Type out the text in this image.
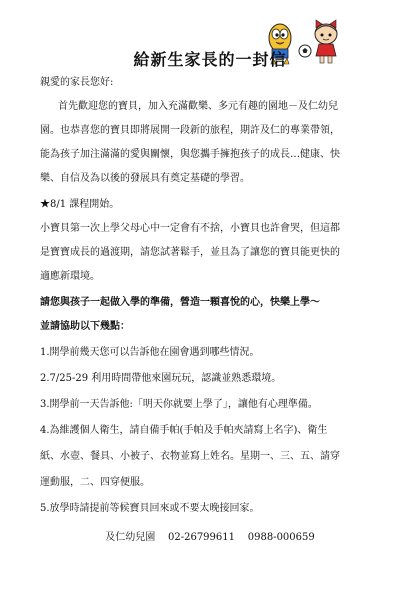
給新生家長的一封信
親愛的家長您好:
首先歡迎您的寶貝，加入充滿歡樂、多元有趣的園地－及仁幼兒
園。也恭喜您的寶貝即將展開一段新的旅程，期許及仁的專業帶領，
能為孩子加注滿滿的愛與關懷，與您攜手擁抱孩子的成長…健康、快
樂、自信及為以後的發展具有奠定基礎的學習。
★8/1 課程開始。
小寶貝第一次上學父母心中一定會有不捨，小寶貝也許會哭，但這都
是寶寶成長的過渡期，請您試著鬆手，並且為了讓您的寶貝能更快的
適應新環境。
請您與孩子一起做入學的準備，營造一顆喜悅的心，快樂上學～
並請協助以下幾點：
1.開學前幾天您可以告訴他在園會遇到哪些情況。
2.7/25-29 利用時間帶他來園玩玩，認識並熟悉環境。
3.開學前一天告訴他:「明天你就要上學了」，讓他有心理準備。
4.為維護個人衛生，請自備手帕(手帕及手帕夾請寫上名字)、衛生
紙、水壺、餐具、小被子、衣物並寫上姓名。星期一、三、五、請穿
運動服，二、四穿便服。
5.放學時請提前等候寶貝回來或不要太晚接回家。
及仁幼兒園 02-26799611 0988-000659
